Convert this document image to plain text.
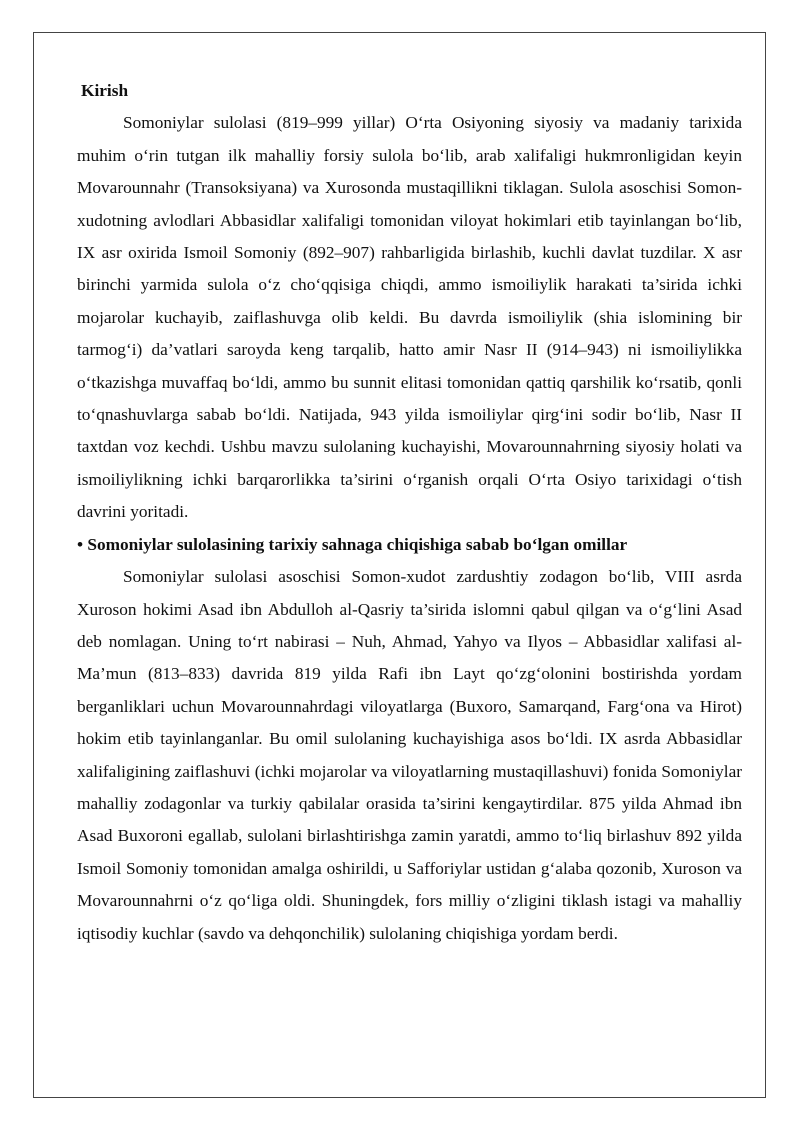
Kirish

Somoniylar sulolasi (819–999 yillar) O‘rta Osiyoning siyosiy va madaniy tarixida muhim o‘rin tutgan ilk mahalliy forsiy sulola bo‘lib, arab xalifaligi hukmronligidan keyin Movarounnahr (Transoksiyana) va Xurosonda mustaqillikni tiklagan. Sulola asoschisi Somon-xudotning avlodlari Abbasidlar xalifaligi tomonidan viloyat hokimlari etib tayinlangan bo‘lib, IX asr oxirida Ismoil Somoniy (892–907) rahbarligida birlashib, kuchli davlat tuzdilar. X asr birinchi yarmida sulola o‘z cho‘qqisiga chiqdi, ammo ismoiliylik harakati ta’sirida ichki mojarolar kuchayib, zaiflashuvga olib keldi. Bu davrda ismoiliylik (shia islomining bir tarmog‘i) da’vatlari saroyda keng tarqalib, hatto amir Nasr II (914–943) ni ismoiliylikka o‘tkazishga muvaffaq bo‘ldi, ammo bu sunnit elitasi tomonidan qattiq qarshilik ko‘rsatib, qonli to‘qnashuvlarga sabab bo‘ldi. Natijada, 943 yilda ismoiliylar qirg‘ini sodir bo‘lib, Nasr II taxtdan voz kechdi. Ushbu mavzu sulolaning kuchayishi, Movarounnahrning siyosiy holati va ismoiliylikning ichki barqarorlikka ta’sirini o‘rganish orqali O‘rta Osiyo tarixidagi o‘tish davrini yoritadi.

• Somoniylar sulolasining tarixiy sahnaga chiqishiga sabab bo‘lgan omillar

Somoniylar sulolasi asoschisi Somon-xudot zardushtiy zodagon bo‘lib, VIII asrda Xuroson hokimi Asad ibn Abdulloh al-Qasriy ta’sirida islomni qabul qilgan va o‘g‘lini Asad deb nomlagan. Uning to‘rt nabirasi – Nuh, Ahmad, Yahyo va Ilyos – Abbasidlar xalifasi al-Ma’mun (813–833) davrida 819 yilda Rafi ibn Layt qo‘zg‘olonini bostirishda yordam berganliklari uchun Movarounnahrdagi viloyatlarga (Buxoro, Samarqand, Farg‘ona va Hirot) hokim etib tayinlanganlar. Bu omil sulolaning kuchayishiga asos bo‘ldi. IX asrda Abbasidlar xalifaligining zaiflashuvi (ichki mojarolar va viloyatlarning mustaqillashuvi) fonida Somoniylar mahalliy zodagonlar va turkiy qabilalar orasida ta’sirini kengaytirdilar. 875 yilda Ahmad ibn Asad Buxoroni egallab, sulolani birlashtirishga zamin yaratdi, ammo to‘liq birlashuv 892 yilda Ismoil Somoniy tomonidan amalga oshirildi, u Safforiylar ustidan g‘alaba qozonib, Xuroson va Movarounnahrni o‘z qo‘liga oldi. Shuningdek, fors milliy o‘zligini tiklash istagi va mahalliy iqtisodiy kuchlar (savdo va dehqonchilik) sulolaning chiqishiga yordam berdi.
